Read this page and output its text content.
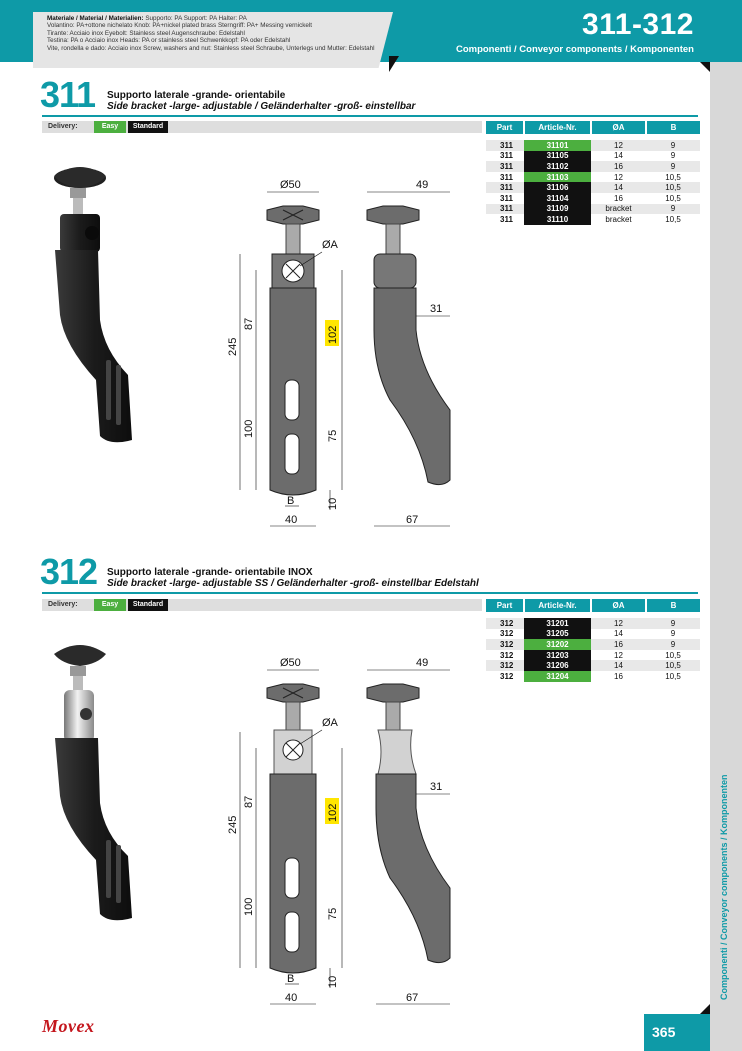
Materiale / Material / Materialien: Supporto: PA Support: PA Halter: PA
Volantino: PA+ottone nichelato Knob: PA+nickel plated brass Sterngriff: PA+ Messing vernickelt
Tirante: Acciaio inox Eyebolt: Stainless steel Augenschraube: Edelstahl
Testina: PA o Acciaio inox Heads: PA or stainless steel Schwenkkopf: PA oder Edelstahl
Vite, rondella e dado: Acciaio inox Screw, washers and nut: Stainless steel Schraube, Unterlegs und Mutter: Edelstahl
311-312
Componenti / Conveyor components / Komponenten
Componenti / Conveyor components / Komponenten
365
Movex
311 Supporto laterale -grande- orientabile
Side bracket -large- adjustable / Geländerhalter -groß- einstellbar
Delivery:	Easy	Standard	Part	Article-Nr.	ØA	B

311	31101	12	9
311	31105	14	9
311	31102	16	9
311	31103	12	10,5
311	31106	14	10,5
311	31104	16	10,5
311	31109	bracket	9
311	31110	bracket	10,5
Ø50	49
ØA
31
87
102
245
100	75
10
B
40	67
312 Supporto laterale -grande- orientabile INOX
Side bracket -large- adjustable SS / Geländerhalter -groß- einstellbar Edelstahl
Delivery:	Easy	Standard	Part	Article-Nr.	ØA	B

312	31201	12	9
312	31205	14	9
312	31202	16	9
312	31203	12	10,5
312	31206	14	10,5
312	31204	16	10,5
Ø50	49
ØA
31
87
102
245
100	75
10
B
40	67
